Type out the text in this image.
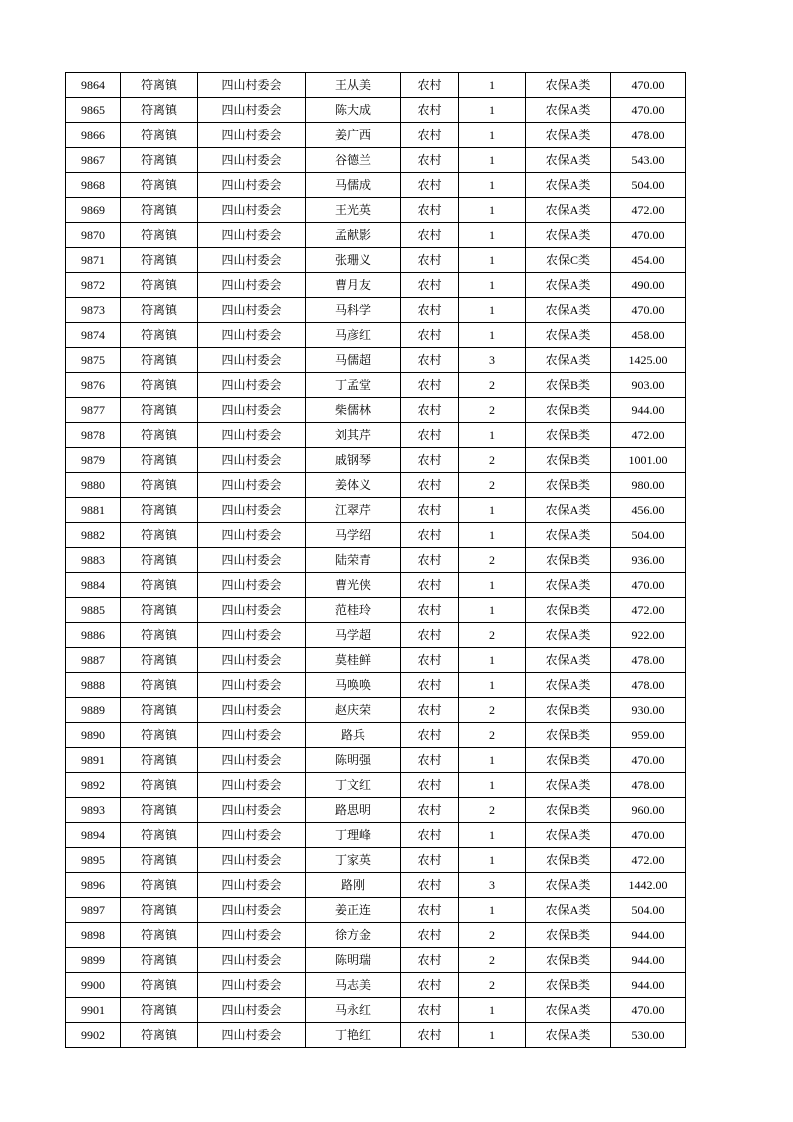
9864	符离镇	四山村委会	王从美	农村	1	农保A类	470.00
9865	符离镇	四山村委会	陈大成	农村	1	农保A类	470.00
9866	符离镇	四山村委会	姜广西	农村	1	农保A类	478.00
9867	符离镇	四山村委会	谷德兰	农村	1	农保A类	543.00
9868	符离镇	四山村委会	马儒成	农村	1	农保A类	504.00
9869	符离镇	四山村委会	王光英	农村	1	农保A类	472.00
9870	符离镇	四山村委会	孟献影	农村	1	农保A类	470.00
9871	符离镇	四山村委会	张珊义	农村	1	农保C类	454.00
9872	符离镇	四山村委会	曹月友	农村	1	农保A类	490.00
9873	符离镇	四山村委会	马科学	农村	1	农保A类	470.00
9874	符离镇	四山村委会	马彦红	农村	1	农保A类	458.00
9875	符离镇	四山村委会	马儒超	农村	3	农保A类	1425.00
9876	符离镇	四山村委会	丁孟堂	农村	2	农保B类	903.00
9877	符离镇	四山村委会	柴儒林	农村	2	农保B类	944.00
9878	符离镇	四山村委会	刘其芹	农村	1	农保B类	472.00
9879	符离镇	四山村委会	戚钢琴	农村	2	农保B类	1001.00
9880	符离镇	四山村委会	姜体义	农村	2	农保B类	980.00
9881	符离镇	四山村委会	江翠芹	农村	1	农保A类	456.00
9882	符离镇	四山村委会	马学绍	农村	1	农保A类	504.00
9883	符离镇	四山村委会	陆荣青	农村	2	农保B类	936.00
9884	符离镇	四山村委会	曹光侠	农村	1	农保A类	470.00
9885	符离镇	四山村委会	范桂玲	农村	1	农保B类	472.00
9886	符离镇	四山村委会	马学超	农村	2	农保A类	922.00
9887	符离镇	四山村委会	莫桂鲜	农村	1	农保A类	478.00
9888	符离镇	四山村委会	马唤唤	农村	1	农保A类	478.00
9889	符离镇	四山村委会	赵庆荣	农村	2	农保B类	930.00
9890	符离镇	四山村委会	路兵	农村	2	农保B类	959.00
9891	符离镇	四山村委会	陈明强	农村	1	农保B类	470.00
9892	符离镇	四山村委会	丁文红	农村	1	农保A类	478.00
9893	符离镇	四山村委会	路思明	农村	2	农保B类	960.00
9894	符离镇	四山村委会	丁理峰	农村	1	农保A类	470.00
9895	符离镇	四山村委会	丁家英	农村	1	农保B类	472.00
9896	符离镇	四山村委会	路刚	农村	3	农保A类	1442.00
9897	符离镇	四山村委会	姜正连	农村	1	农保A类	504.00
9898	符离镇	四山村委会	徐方金	农村	2	农保B类	944.00
9899	符离镇	四山村委会	陈明瑞	农村	2	农保B类	944.00
9900	符离镇	四山村委会	马志美	农村	2	农保B类	944.00
9901	符离镇	四山村委会	马永红	农村	1	农保A类	470.00
9902	符离镇	四山村委会	丁艳红	农村	1	农保A类	530.00
